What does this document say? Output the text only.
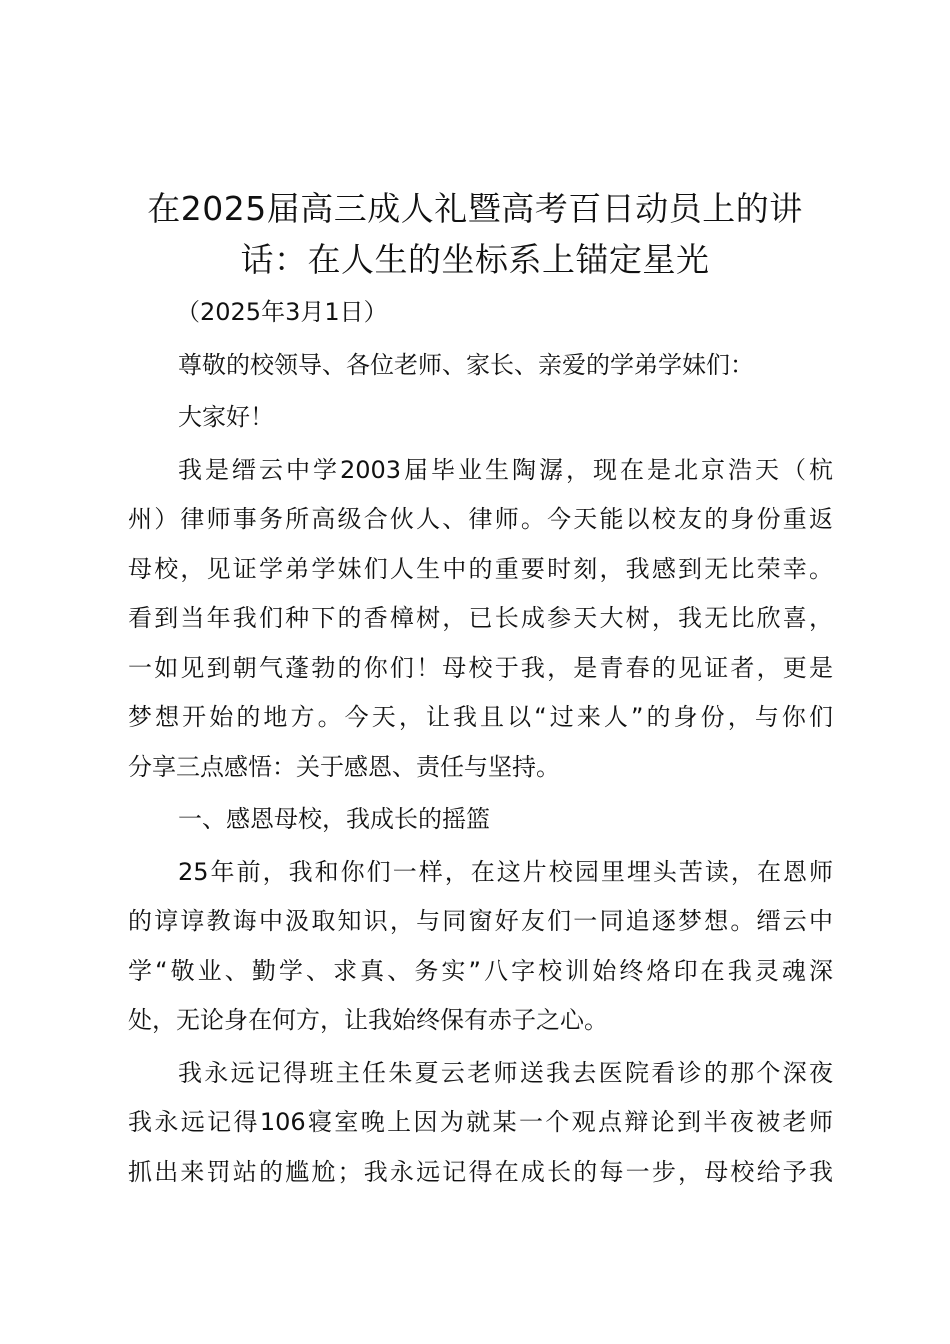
在2025届高三成人礼暨高考百日动员上的讲
话：在人生的坐标系上锚定星光
（2025年3月1日）
尊敬的校领导、各位老师、家长、亲爱的学弟学妹们：
大家好！
我是缙云中学2003届毕业生陶潺，现在是北京浩天（杭
州）律师事务所高级合伙人、律师。今天能以校友的身份重返
母校，见证学弟学妹们人生中的重要时刻，我感到无比荣幸。
看到当年我们种下的香樟树，已长成参天大树，我无比欣喜，
一如见到朝气蓬勃的你们！母校于我，是青春的见证者，更是
梦想开始的地方。今天，让我且以“过来人”的身份，与你们
分享三点感悟：关于感恩、责任与坚持。
一、感恩母校，我成长的摇篮
25年前，我和你们一样，在这片校园里埋头苦读，在恩师
的谆谆教诲中汲取知识，与同窗好友们一同追逐梦想。缙云中
学“敬业、勤学、求真、务实”八字校训始终烙印在我灵魂深
处，无论身在何方，让我始终保有赤子之心。
我永远记得班主任朱夏云老师送我去医院看诊的那个深夜
我永远记得106寝室晚上因为就某一个观点辩论到半夜被老师
抓出来罚站的尴尬；我永远记得在成长的每一步，母校给予我
